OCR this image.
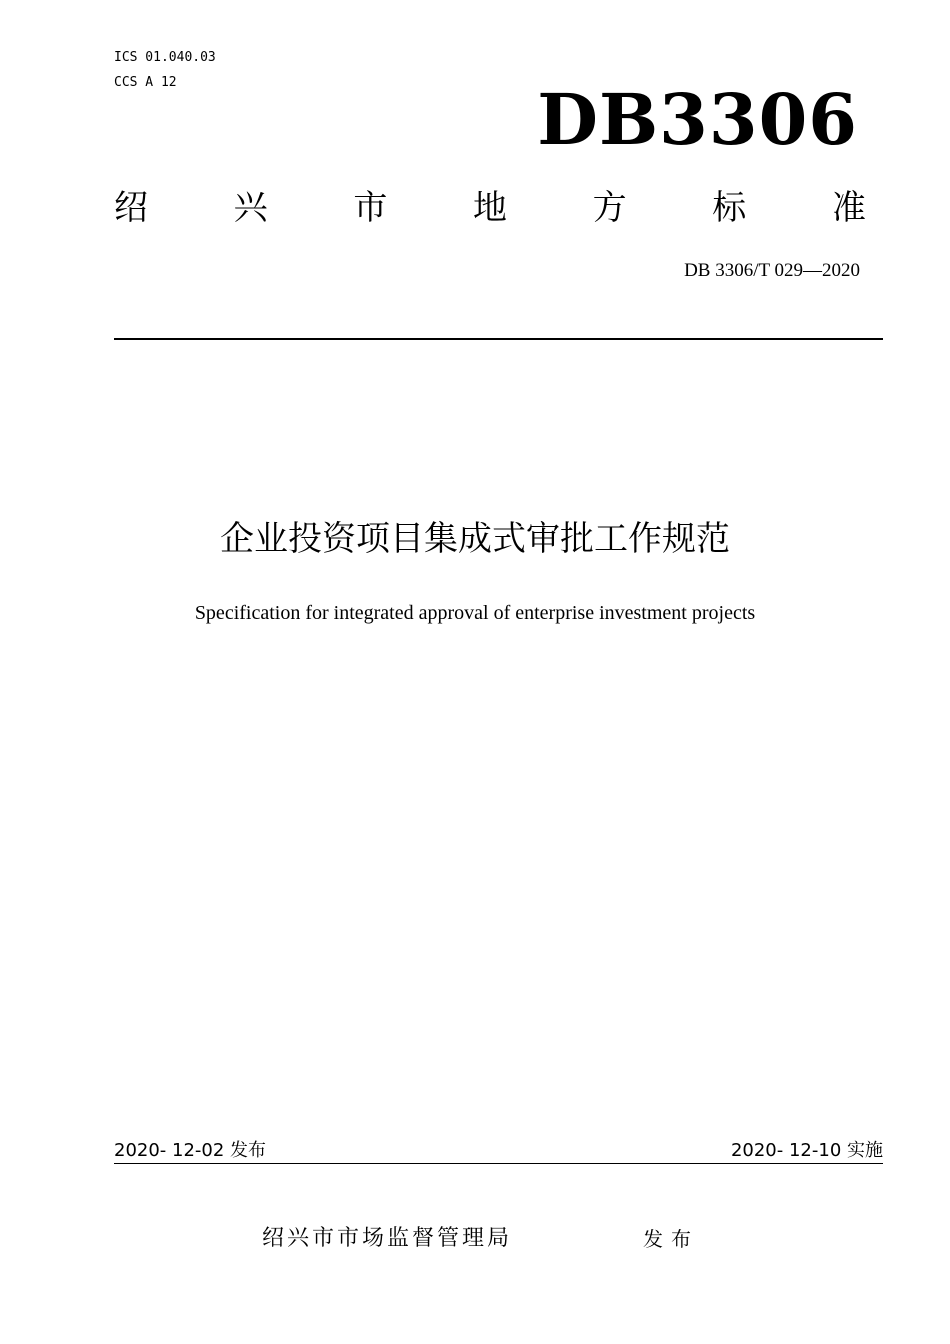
ICS 01.040.03
CCS A 12	DB3306
绍	兴	市	地	方	标	准
DB 3306/T 029—2020
企业投资项目集成式审批工作规范
Specification for integrated approval of enterprise investment projects
2020- 12-02 发布	2020- 12-10 实施
绍兴市市场监督管理局	发布
